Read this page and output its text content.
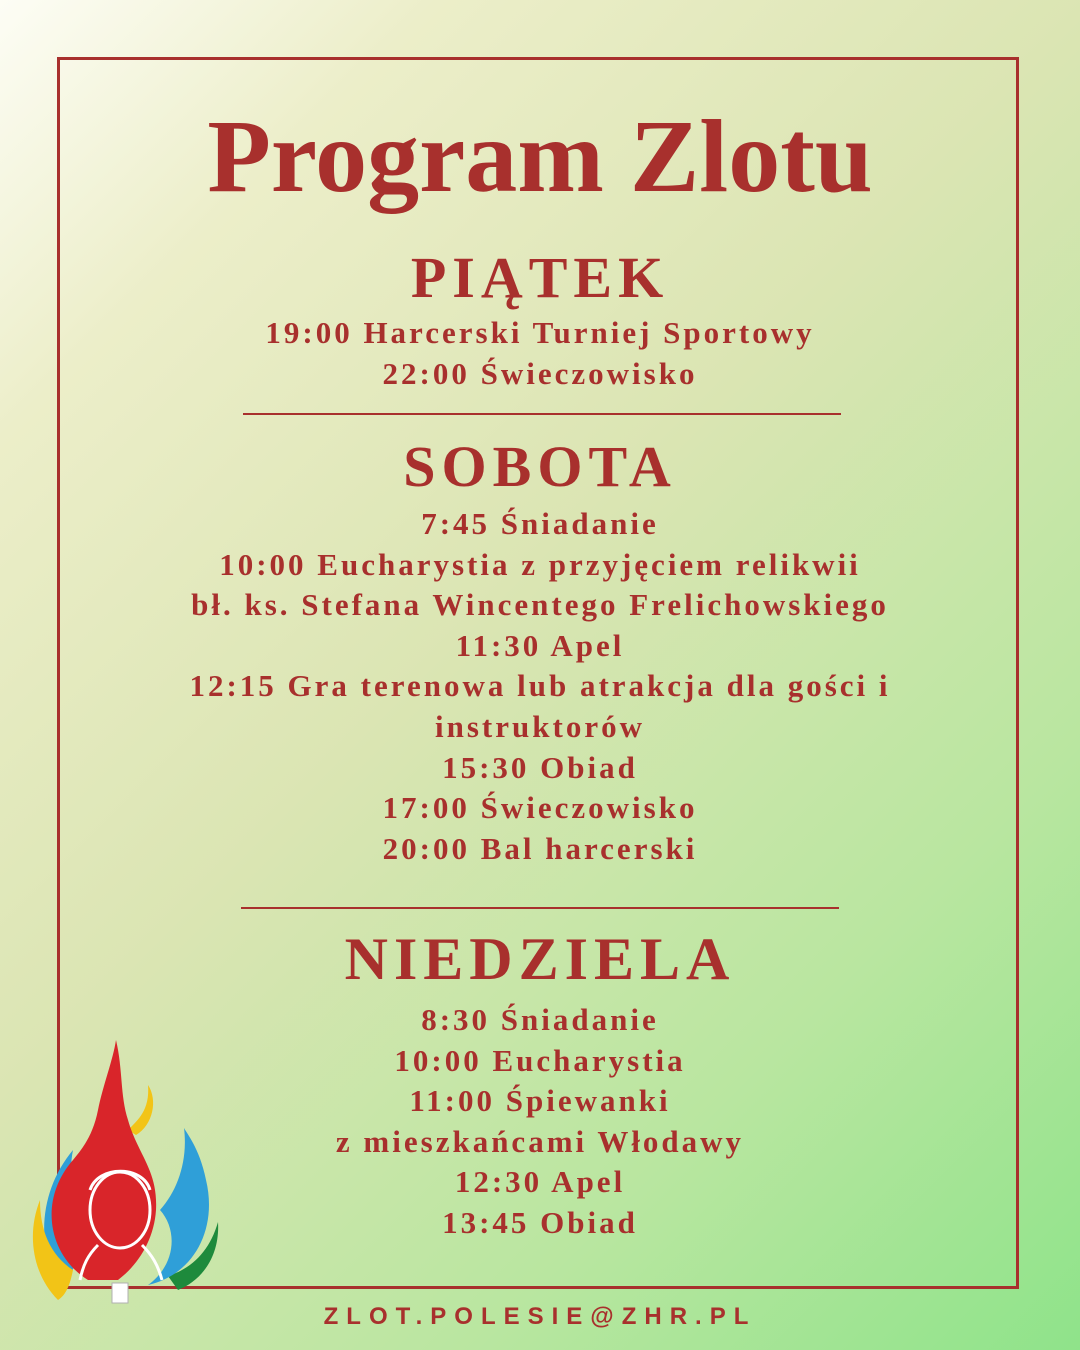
Program Zlotu
PIĄTEK
19:00 Harcerski Turniej Sportowy
22:00 Świeczowisko
SOBOTA
7:45 Śniadanie
10:00 Eucharystia z przyjęciem relikwii
bł. ks. Stefana Wincentego Frelichowskiego
11:30 Apel
12:15 Gra terenowa lub atrakcja dla gości i
instruktorów
15:30 Obiad
17:00 Świeczowisko
20:00 Bal harcerski
NIEDZIELA
8:30 Śniadanie
10:00 Eucharystia
11:00 Śpiewanki
z mieszkańcami Włodawy
12:30 Apel
13:45 Obiad
ZLOT.POLESIE@ZHR.PL
